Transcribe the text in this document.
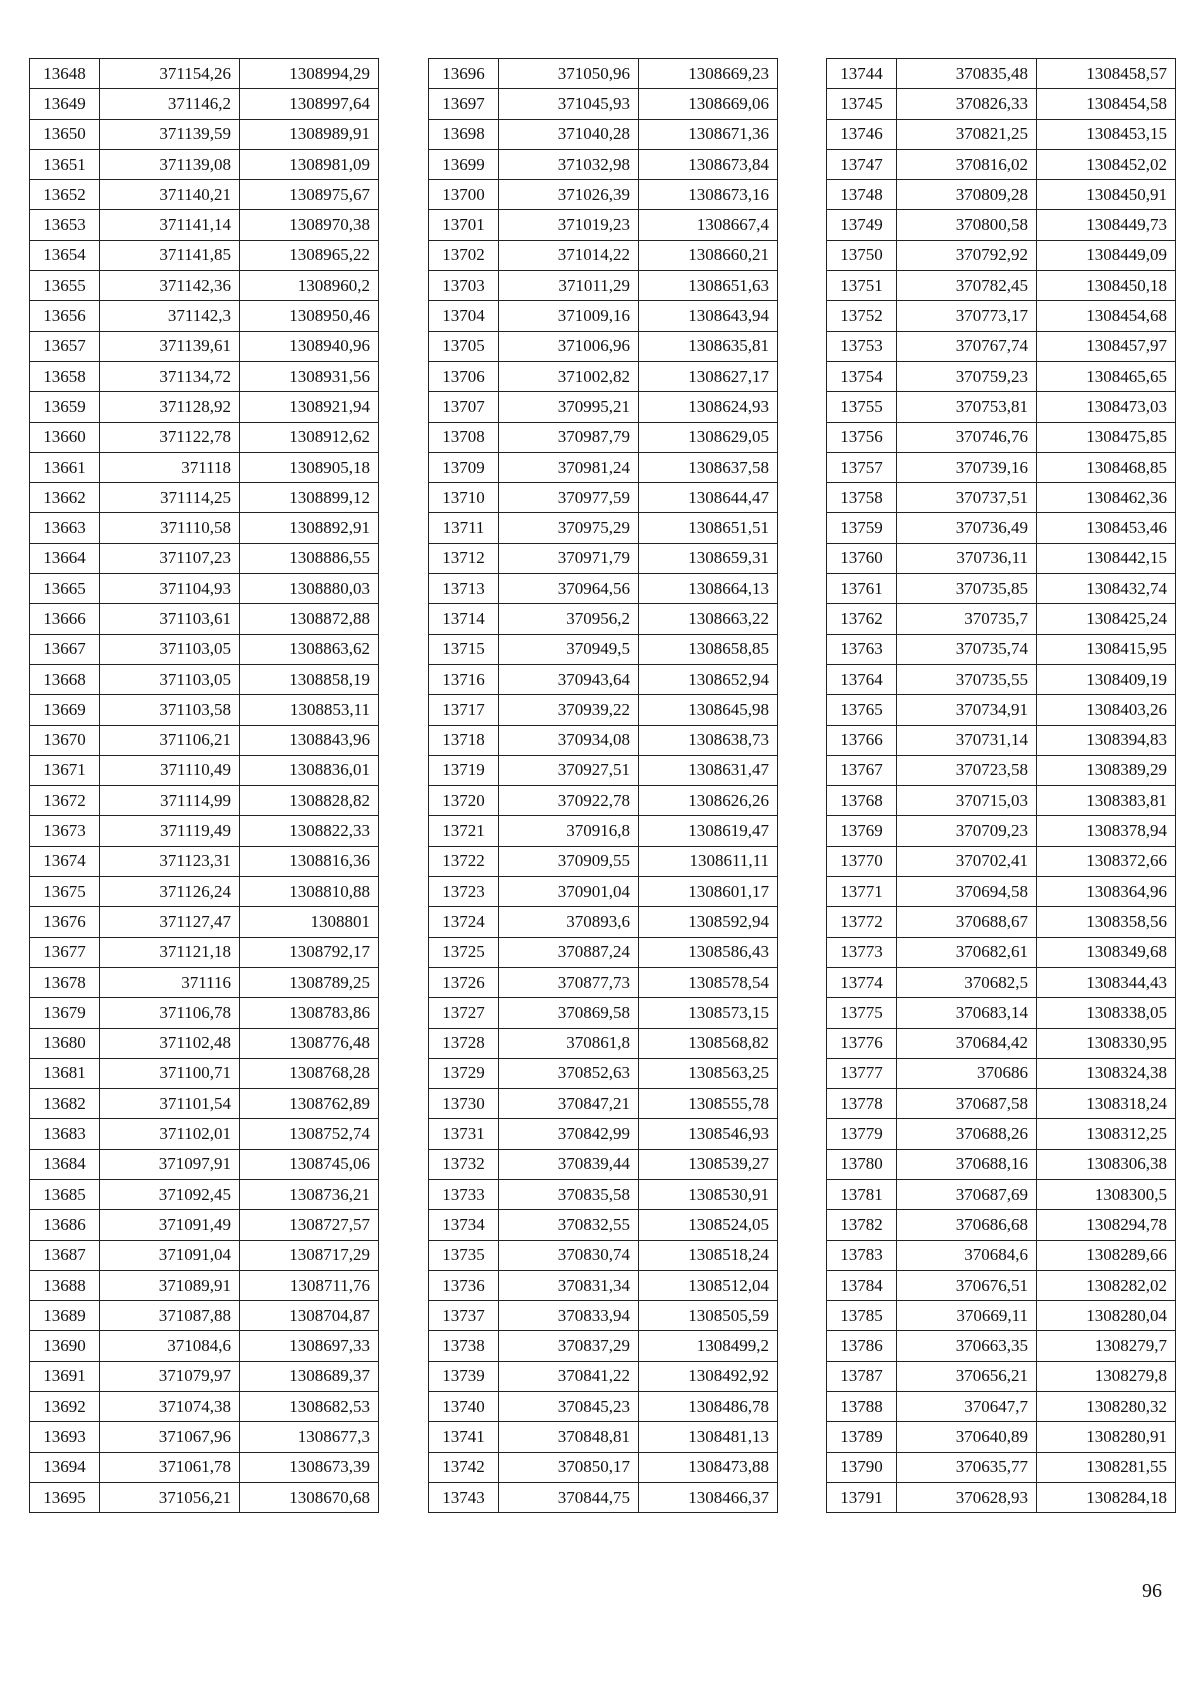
13648	371154,26	1308994,29
13649	371146,2	1308997,64
13650	371139,59	1308989,91
13651	371139,08	1308981,09
13652	371140,21	1308975,67
13653	371141,14	1308970,38
13654	371141,85	1308965,22
13655	371142,36	1308960,2
13656	371142,3	1308950,46
13657	371139,61	1308940,96
13658	371134,72	1308931,56
13659	371128,92	1308921,94
13660	371122,78	1308912,62
13661	371118	1308905,18
13662	371114,25	1308899,12
13663	371110,58	1308892,91
13664	371107,23	1308886,55
13665	371104,93	1308880,03
13666	371103,61	1308872,88
13667	371103,05	1308863,62
13668	371103,05	1308858,19
13669	371103,58	1308853,11
13670	371106,21	1308843,96
13671	371110,49	1308836,01
13672	371114,99	1308828,82
13673	371119,49	1308822,33
13674	371123,31	1308816,36
13675	371126,24	1308810,88
13676	371127,47	1308801
13677	371121,18	1308792,17
13678	371116	1308789,25
13679	371106,78	1308783,86
13680	371102,48	1308776,48
13681	371100,71	1308768,28
13682	371101,54	1308762,89
13683	371102,01	1308752,74
13684	371097,91	1308745,06
13685	371092,45	1308736,21
13686	371091,49	1308727,57
13687	371091,04	1308717,29
13688	371089,91	1308711,76
13689	371087,88	1308704,87
13690	371084,6	1308697,33
13691	371079,97	1308689,37
13692	371074,38	1308682,53
13693	371067,96	1308677,3
13694	371061,78	1308673,39
13695	371056,21	1308670,68
13696	371050,96	1308669,23
13697	371045,93	1308669,06
13698	371040,28	1308671,36
13699	371032,98	1308673,84
13700	371026,39	1308673,16
13701	371019,23	1308667,4
13702	371014,22	1308660,21
13703	371011,29	1308651,63
13704	371009,16	1308643,94
13705	371006,96	1308635,81
13706	371002,82	1308627,17
13707	370995,21	1308624,93
13708	370987,79	1308629,05
13709	370981,24	1308637,58
13710	370977,59	1308644,47
13711	370975,29	1308651,51
13712	370971,79	1308659,31
13713	370964,56	1308664,13
13714	370956,2	1308663,22
13715	370949,5	1308658,85
13716	370943,64	1308652,94
13717	370939,22	1308645,98
13718	370934,08	1308638,73
13719	370927,51	1308631,47
13720	370922,78	1308626,26
13721	370916,8	1308619,47
13722	370909,55	1308611,11
13723	370901,04	1308601,17
13724	370893,6	1308592,94
13725	370887,24	1308586,43
13726	370877,73	1308578,54
13727	370869,58	1308573,15
13728	370861,8	1308568,82
13729	370852,63	1308563,25
13730	370847,21	1308555,78
13731	370842,99	1308546,93
13732	370839,44	1308539,27
13733	370835,58	1308530,91
13734	370832,55	1308524,05
13735	370830,74	1308518,24
13736	370831,34	1308512,04
13737	370833,94	1308505,59
13738	370837,29	1308499,2
13739	370841,22	1308492,92
13740	370845,23	1308486,78
13741	370848,81	1308481,13
13742	370850,17	1308473,88
13743	370844,75	1308466,37
13744	370835,48	1308458,57
13745	370826,33	1308454,58
13746	370821,25	1308453,15
13747	370816,02	1308452,02
13748	370809,28	1308450,91
13749	370800,58	1308449,73
13750	370792,92	1308449,09
13751	370782,45	1308450,18
13752	370773,17	1308454,68
13753	370767,74	1308457,97
13754	370759,23	1308465,65
13755	370753,81	1308473,03
13756	370746,76	1308475,85
13757	370739,16	1308468,85
13758	370737,51	1308462,36
13759	370736,49	1308453,46
13760	370736,11	1308442,15
13761	370735,85	1308432,74
13762	370735,7	1308425,24
13763	370735,74	1308415,95
13764	370735,55	1308409,19
13765	370734,91	1308403,26
13766	370731,14	1308394,83
13767	370723,58	1308389,29
13768	370715,03	1308383,81
13769	370709,23	1308378,94
13770	370702,41	1308372,66
13771	370694,58	1308364,96
13772	370688,67	1308358,56
13773	370682,61	1308349,68
13774	370682,5	1308344,43
13775	370683,14	1308338,05
13776	370684,42	1308330,95
13777	370686	1308324,38
13778	370687,58	1308318,24
13779	370688,26	1308312,25
13780	370688,16	1308306,38
13781	370687,69	1308300,5
13782	370686,68	1308294,78
13783	370684,6	1308289,66
13784	370676,51	1308282,02
13785	370669,11	1308280,04
13786	370663,35	1308279,7
13787	370656,21	1308279,8
13788	370647,7	1308280,32
13789	370640,89	1308280,91
13790	370635,77	1308281,55
13791	370628,93	1308284,18
96
